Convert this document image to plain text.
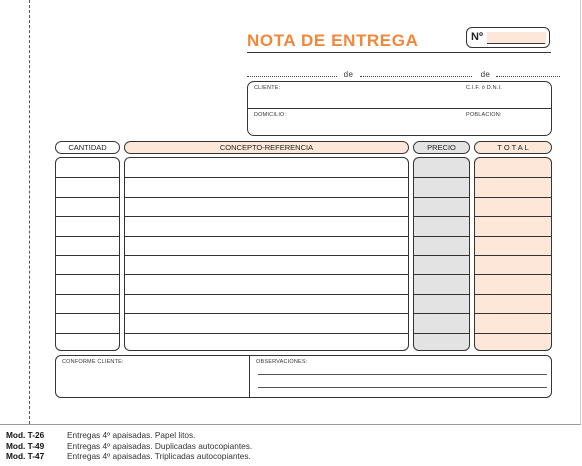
NOTA DE ENTREGA	Nº
de	de
CLIENTE:	C.I.F. ó D.N.I.
DOMICILIO:	POBLACION:
CANTIDAD	CONCEPTO-REFERENCIA	PRECIO	T O T A L
CONFORME CLIENTE:	OBSERVACIONES:
Mod. T-26	Entregas 4º apaisadas. Papel litos.
Mod. T-49	Entregas 4º apaisadas. Duplicadas autocopiantes.
Mod. T-47	Entregas 4º apaisadas. Triplicadas autocopiantes.
